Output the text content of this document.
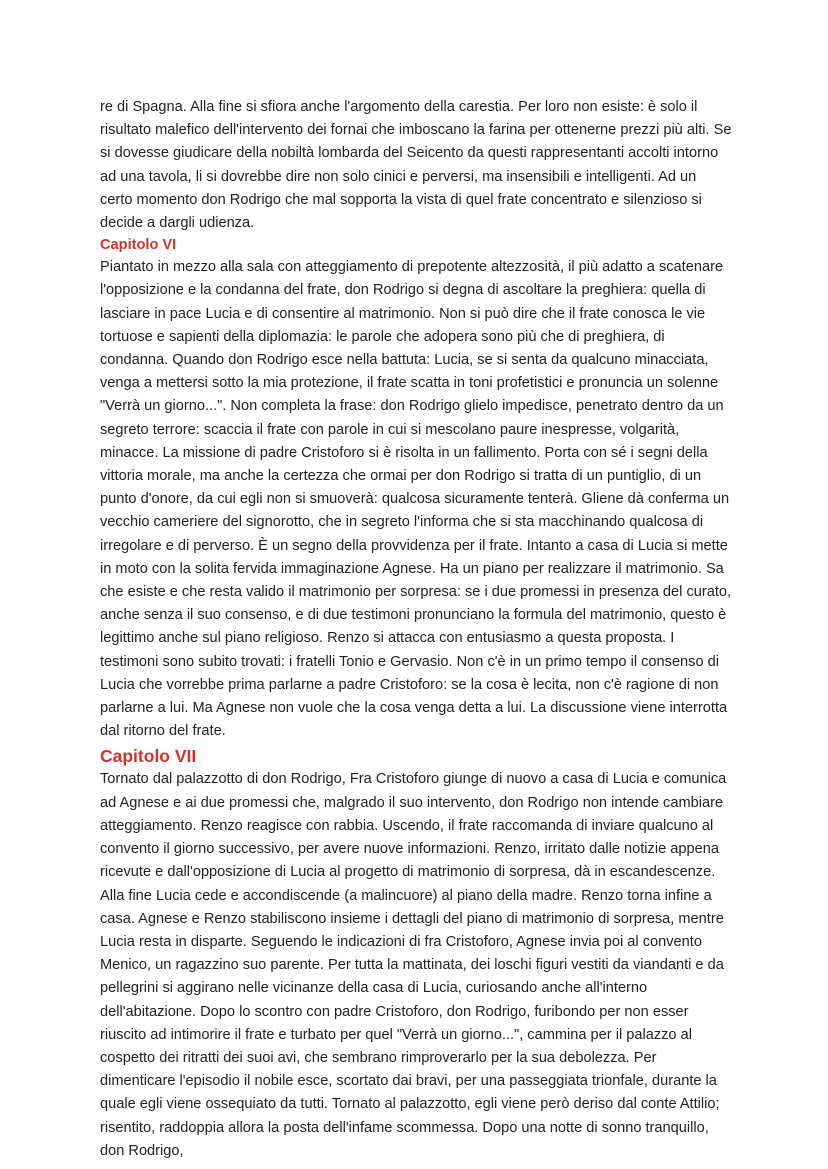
re di Spagna. Alla fine si sfiora anche l'argomento della carestia. Per loro non esiste: è solo il risultato malefico dell'intervento dei fornai che imboscano la farina per ottenerne prezzi più alti. Se si dovesse giudicare della nobiltà lombarda del Seicento da questi rappresentanti accolti intorno ad una tavola, li si dovrebbe dire non solo cinici e perversi, ma insensibili e intelligenti. Ad un certo momento don Rodrigo che mal sopporta la vista di quel frate concentrato e silenzioso si decide a dargli udienza.

Capitolo VI

Piantato in mezzo alla sala con atteggiamento di prepotente altezzosità, il più adatto a scatenare l'opposizione e la condanna del frate, don Rodrigo si degna di ascoltare la preghiera: quella di lasciare in pace Lucia e di consentire al matrimonio. Non si può dire che il frate conosca le vie tortuose e sapienti della diplomazia: le parole che adopera sono più che di preghiera, di condanna. Quando don Rodrigo esce nella battuta: Lucia, se si senta da qualcuno minacciata, venga a mettersi sotto la mia protezione, il frate scatta in toni profetistici e pronuncia un solenne "Verrà un giorno...". Non completa la frase: don Rodrigo glielo impedisce, penetrato dentro da un segreto terrore: scaccia il frate con parole in cui si mescolano paure inespresse, volgarità, minacce. La missione di padre Cristoforo si è risolta in un fallimento. Porta con sé i segni della vittoria morale, ma anche la certezza che ormai per don Rodrigo si tratta di un puntiglio, di un punto d'onore, da cui egli non si smuoverà: qualcosa sicuramente tenterà. Gliene dà conferma un vecchio cameriere del signorotto, che in segreto l'informa che si sta macchinando qualcosa di irregolare e di perverso. È un segno della provvidenza per il frate. Intanto a casa di Lucia si mette in moto con la solita fervida immaginazione Agnese. Ha un piano per realizzare il matrimonio. Sa che esiste e che resta valido il matrimonio per sorpresa: se i due promessi in presenza del curato, anche senza il suo consenso, e di due testimoni pronunciano la formula del matrimonio, questo è legittimo anche sul piano religioso. Renzo si attacca con entusiasmo a questa proposta. I testimoni sono subito trovati: i fratelli Tonio e Gervasio. Non c'è in un primo tempo il consenso di Lucia che vorrebbe prima parlarne a padre Cristoforo: se la cosa è lecita, non c'è ragione di non parlarne a lui. Ma Agnese non vuole che la cosa venga detta a lui. La discussione viene interrotta dal ritorno del frate.

Capitolo VII

Tornato dal palazzotto di don Rodrigo, Fra Cristoforo giunge di nuovo a casa di Lucia e comunica ad Agnese e ai due promessi che, malgrado il suo intervento, don Rodrigo non intende cambiare atteggiamento. Renzo reagisce con rabbia. Uscendo, il frate raccomanda di inviare qualcuno al convento il giorno successivo, per avere nuove informazioni. Renzo, irritato dalle notizie appena ricevute e dall'opposizione di Lucia al progetto di matrimonio di sorpresa, dà in escandescenze. Alla fine Lucia cede e accondiscende (a malincuore) al piano della madre. Renzo torna infine a casa. Agnese e Renzo stabiliscono insieme i dettagli del piano di matrimonio di sorpresa, mentre Lucia resta in disparte. Seguendo le indicazioni di fra Cristoforo, Agnese invia poi al convento Menico, un ragazzino suo parente. Per tutta la mattinata, dei loschi figuri vestiti da viandanti e da pellegrini si aggirano nelle vicinanze della casa di Lucia, curiosando anche all'interno dell'abitazione. Dopo lo scontro con padre Cristoforo, don Rodrigo, furibondo per non esser riuscito ad intimorire il frate e turbato per quel "Verrà un giorno...", cammina per il palazzo al cospetto dei ritratti dei suoi avi, che sembrano rimproverarlo per la sua debolezza. Per dimenticare l'episodio il nobile esce, scortato dai bravi, per una passeggiata trionfale, durante la quale egli viene ossequiato da tutti. Tornato al palazzotto, egli viene però deriso dal conte Attilio; risentito, raddoppia allora la posta dell'infame scommessa. Dopo una notte di sonno tranquillo, don Rodrigo,
